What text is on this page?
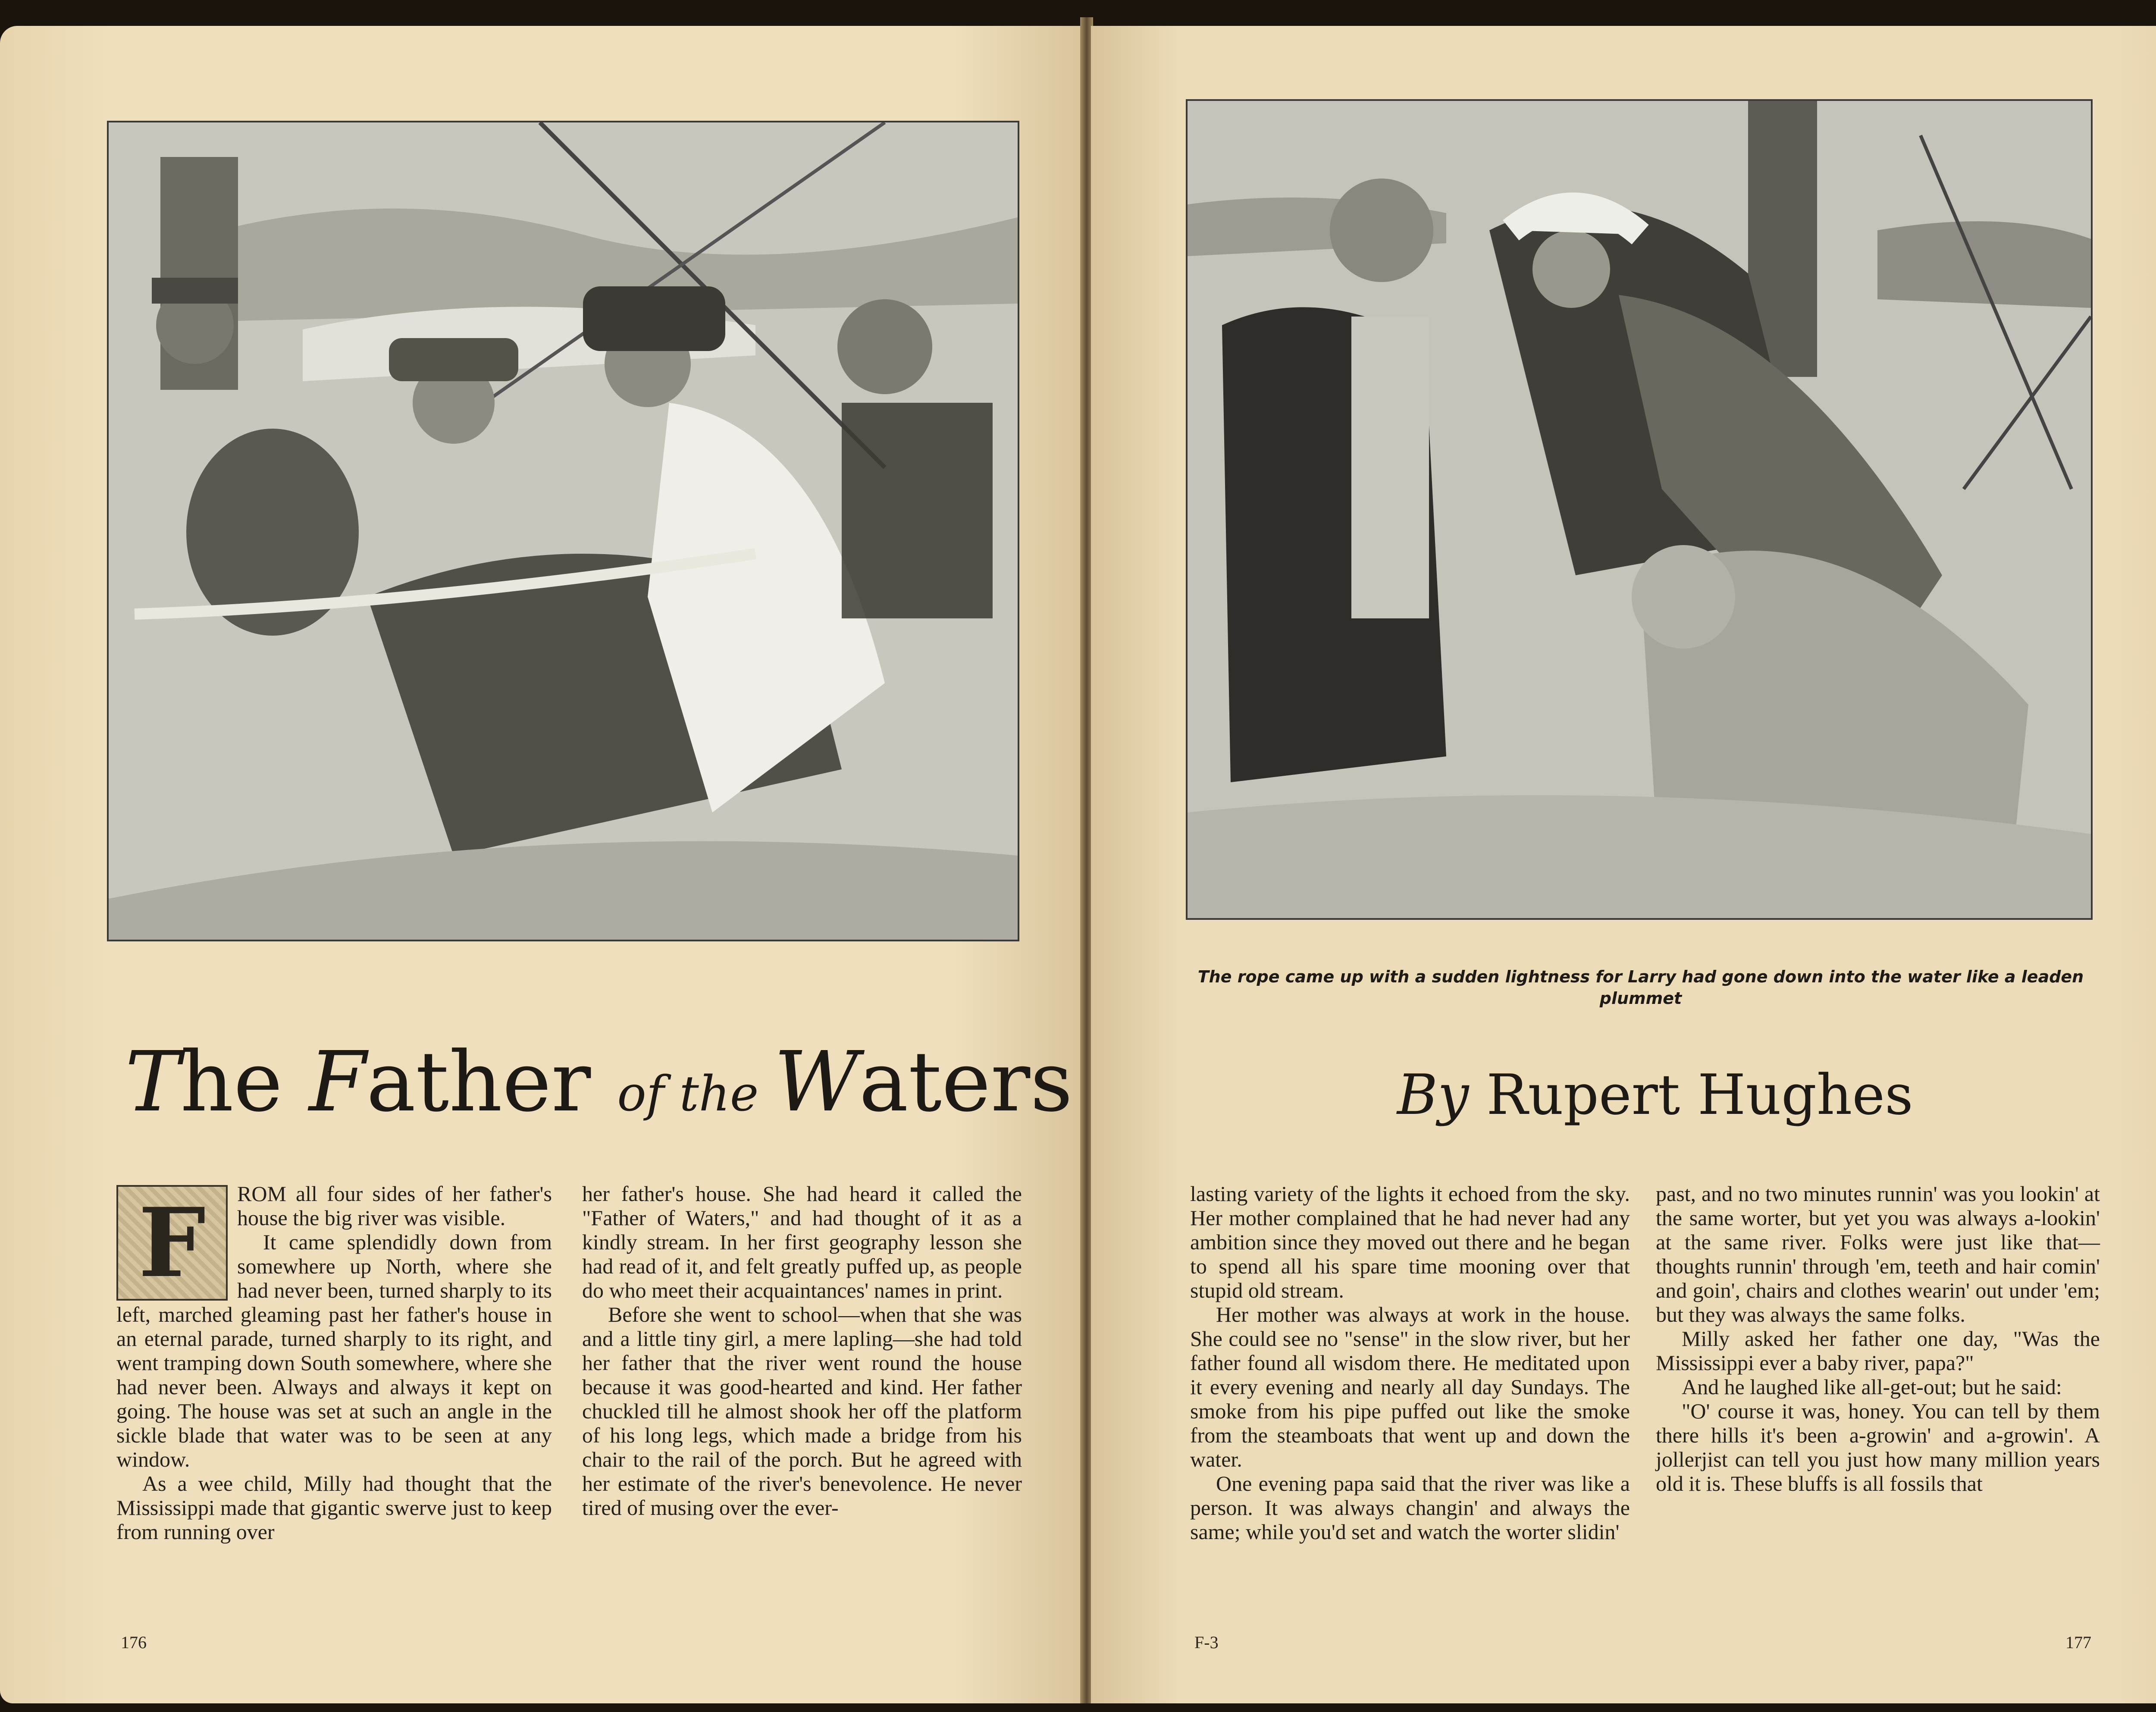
The Father of the Waters
F	ROM all four sides of her father's house the big river was visible.

It came splendidly down from somewhere up North, where she had never been, turned sharply to its left, marched gleaming past her father's house in an eternal parade, turned sharply to its right, and went tramping down South somewhere, where she had never been. Always and always it kept on going. The house was set at such an angle in the sickle blade that water was to be seen at any window.

As a wee child, Milly had thought that the Mississippi made that gigantic swerve just to keep from running over

her father's house. She had heard it called the "Father of Waters," and had thought of it as a kindly stream. In her first geography lesson she had read of it, and felt greatly puffed up, as people do who meet their acquaintances' names in print.

Before she went to school—when that she was and a little tiny girl, a mere lapling—she had told her father that the river went round the house because it was good-hearted and kind. Her father chuckled till he almost shook her off the platform of his long legs, which made a bridge from his chair to the rail of the porch. But he agreed with her estimate of the river's benevolence. He never tired of musing over the ever-

176
The rope came up with a sudden lightness for Larry had gone down into the water like a leaden plummet
By Rupert Hughes

lasting variety of the lights it echoed from the sky. Her mother complained that he had never had any ambition since they moved out there and he began to spend all his spare time mooning over that stupid old stream.

Her mother was always at work in the house. She could see no "sense" in the slow river, but her father found all wisdom there. He meditated upon it every evening and nearly all day Sundays. The smoke from his pipe puffed out like the smoke from the steamboats that went up and down the water.

One evening papa said that the river was like a person. It was always changin' and always the same; while you'd set and watch the worter slidin'

past, and no two minutes runnin' was you lookin' at the same worter, but yet you was always a-lookin' at the same river. Folks were just like that—thoughts runnin' through 'em, teeth and hair comin' and goin', chairs and clothes wearin' out under 'em; but they was always the same folks.

Milly asked her father one day, "Was the Mississippi ever a baby river, papa?"

And he laughed like all-get-out; but he said:

"O' course it was, honey. You can tell by them there hills it's been a-growin' and a-growin'. A jollerjist can tell you just how many million years old it is. These bluffs is all fossils that

F-3	177
